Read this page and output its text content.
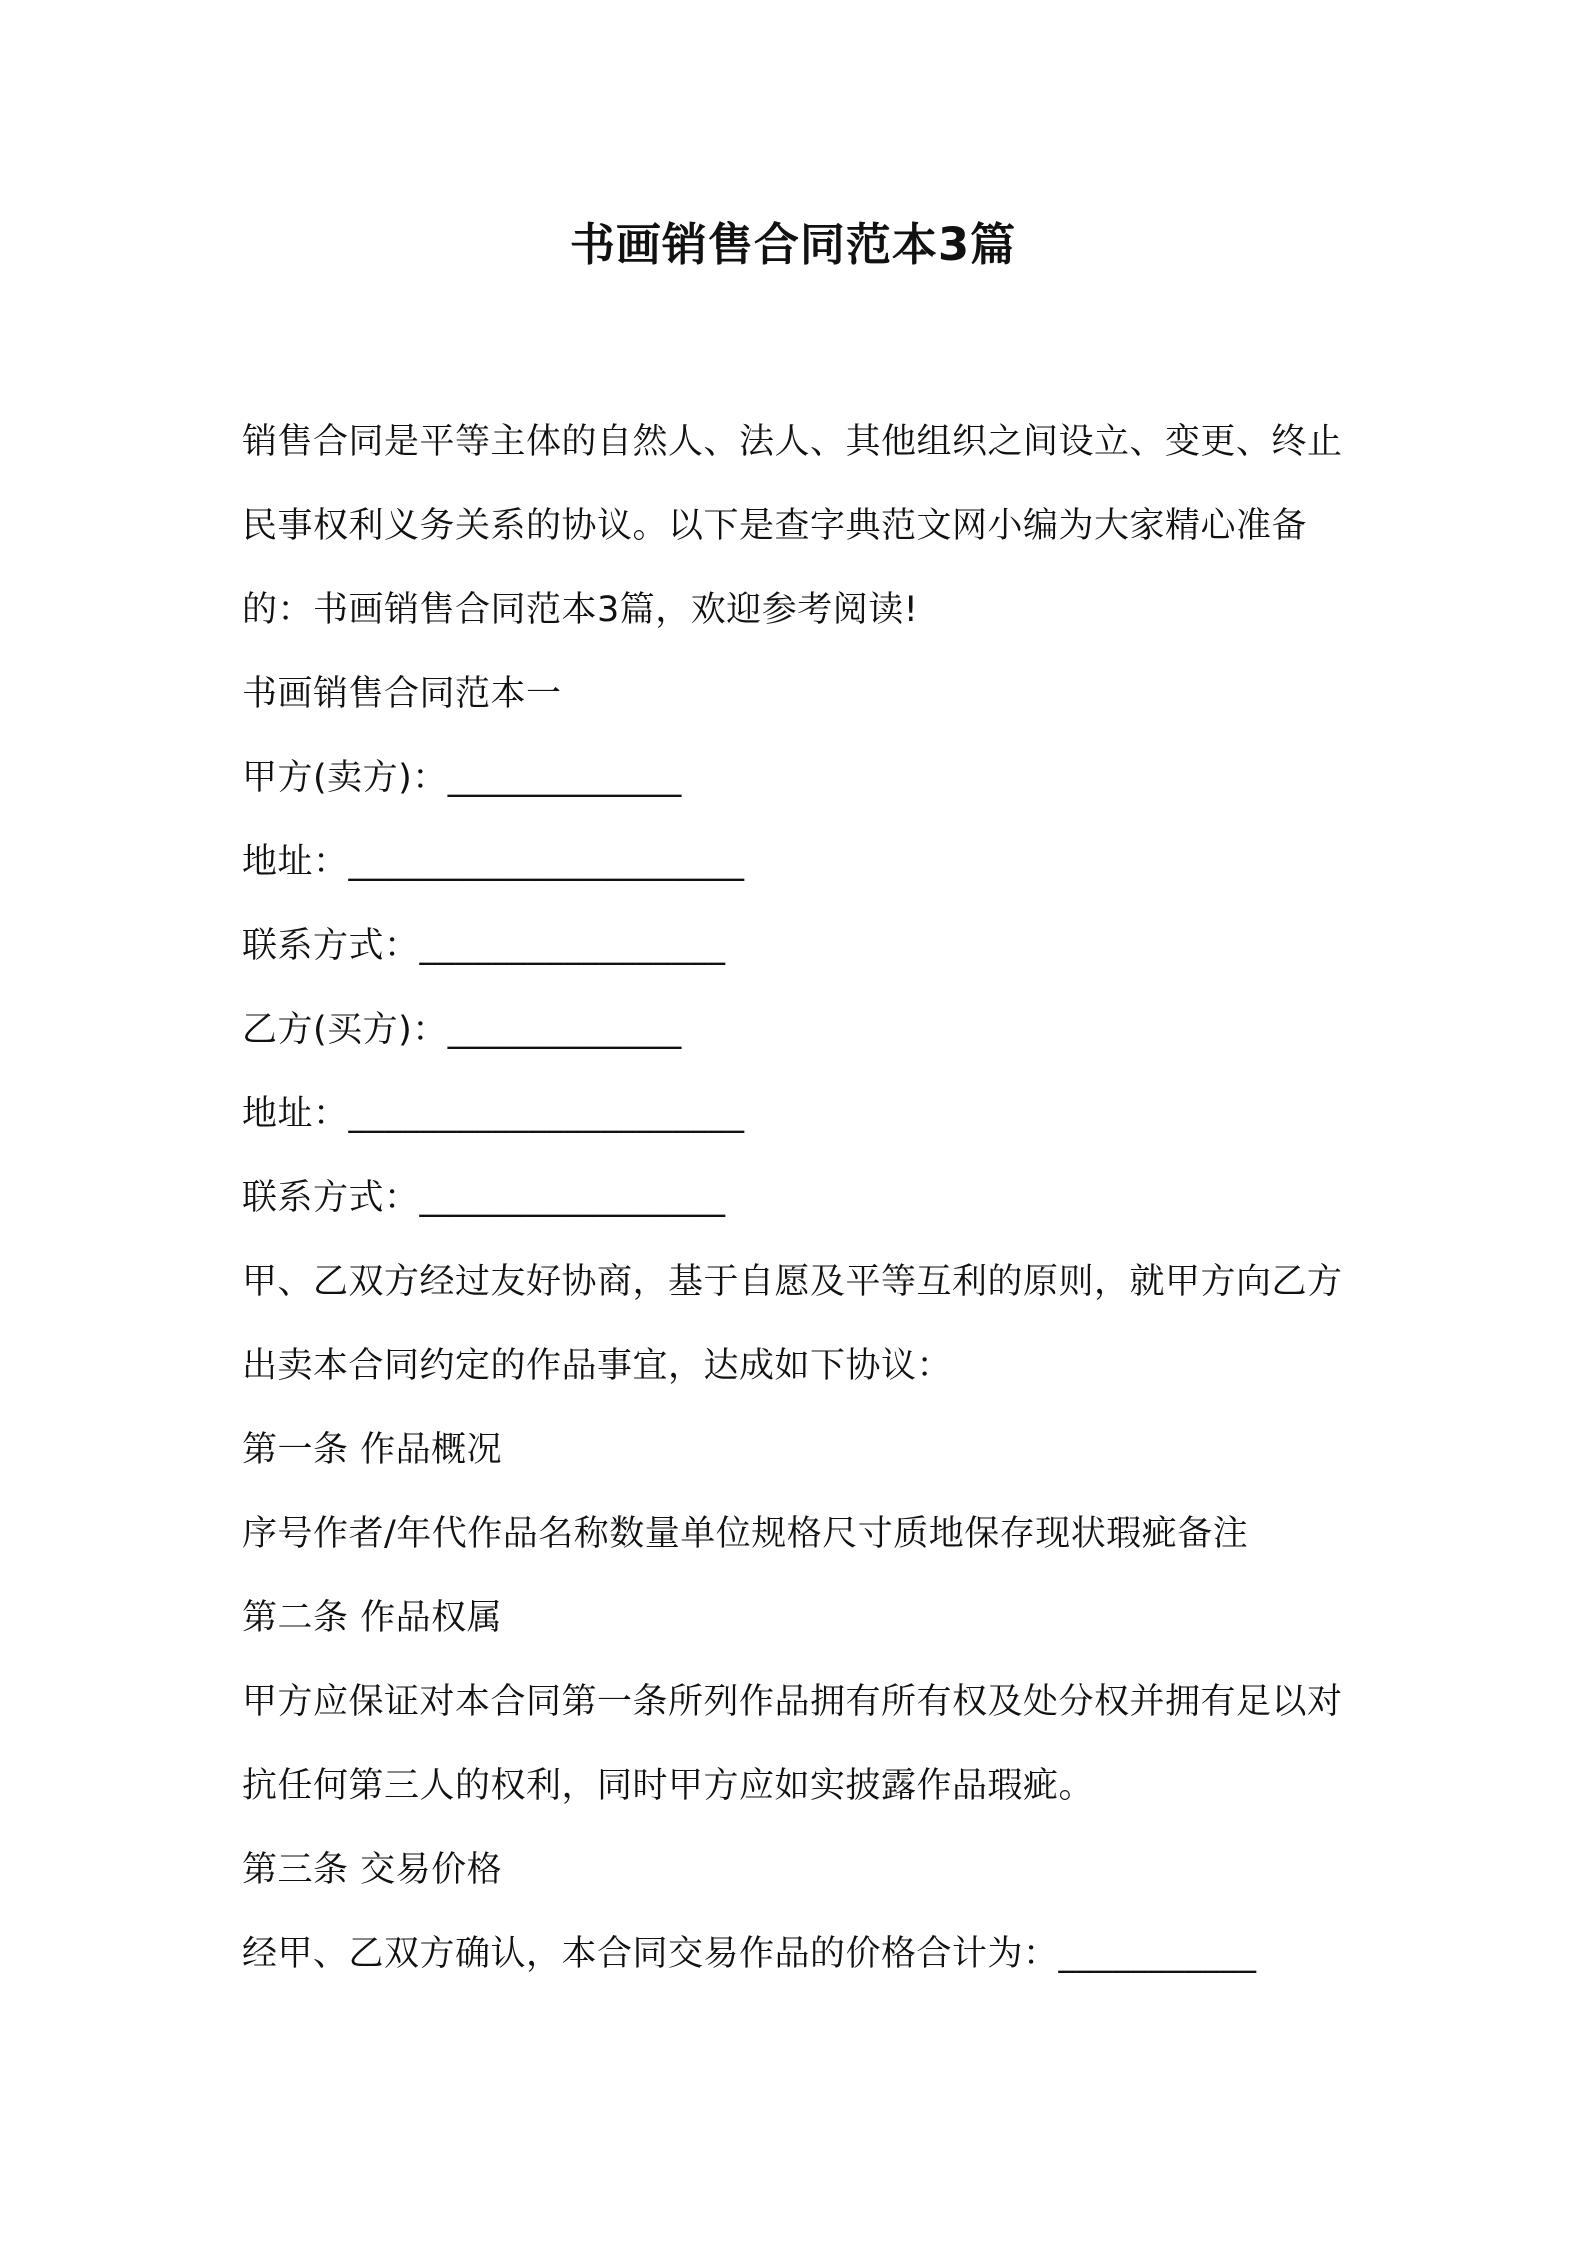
书画销售合同范本3篇

销售合同是平等主体的自然人、法人、其他组织之间设立、变更、终止民事权利义务关系的协议。以下是查字典范文网小编为大家精心准备的：书画销售合同范本3篇，欢迎参考阅读!

书画销售合同范本一

甲方(卖方)：_____________

地址：______________________

联系方式：_________________

乙方(买方)：_____________

地址：______________________

联系方式：_________________

甲、乙双方经过友好协商，基于自愿及平等互利的原则，就甲方向乙方出卖本合同约定的作品事宜，达成如下协议：

第一条 作品概况

序号作者/年代作品名称数量单位规格尺寸质地保存现状瑕疵备注

第二条 作品权属

甲方应保证对本合同第一条所列作品拥有所有权及处分权并拥有足以对抗任何第三人的权利，同时甲方应如实披露作品瑕疵。

第三条 交易价格

经甲、乙双方确认，本合同交易作品的价格合计为：___________
